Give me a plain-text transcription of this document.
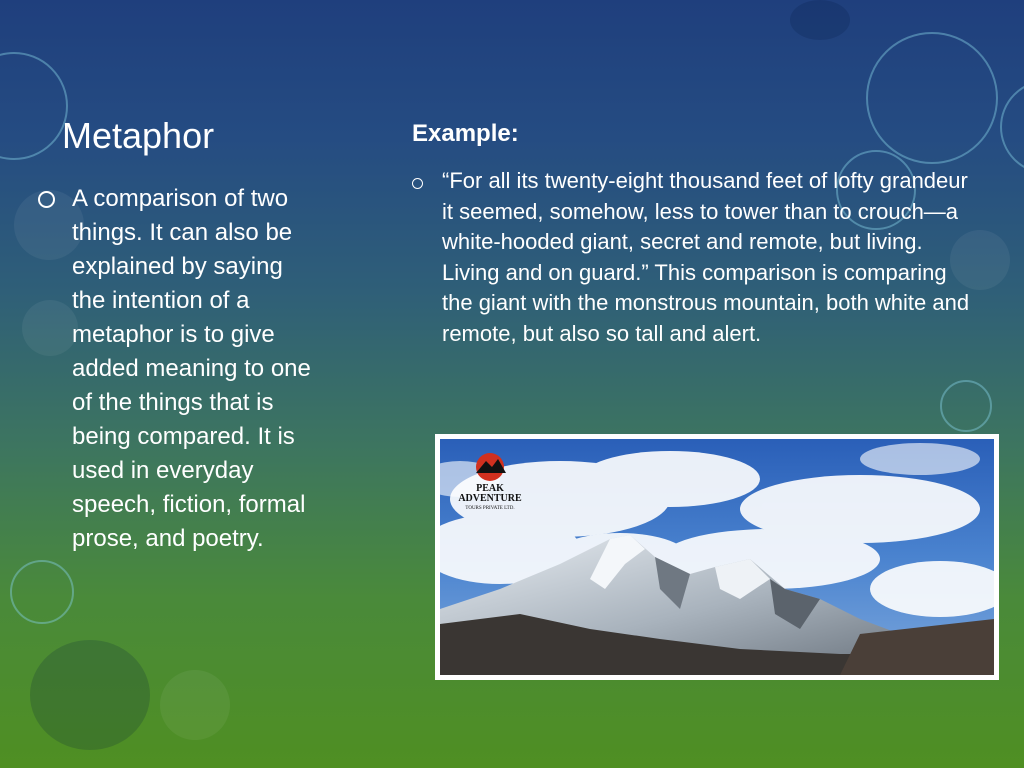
Metaphor
A comparison of two things. It can also be explained by saying the intention of a metaphor is to give added meaning to one of the things that is being compared. It is used in everyday speech, fiction, formal prose, and poetry.
Example:
“For all its twenty-eight thousand feet of lofty grandeur it seemed, somehow, less to tower than to crouch—a white-hooded giant, secret and remote, but living. Living and on guard.” This comparison is comparing the giant with the monstrous mountain, both white and remote, but also so tall and alert.
PEAK
ADVENTURE
TOURS PRIVATE LTD.
